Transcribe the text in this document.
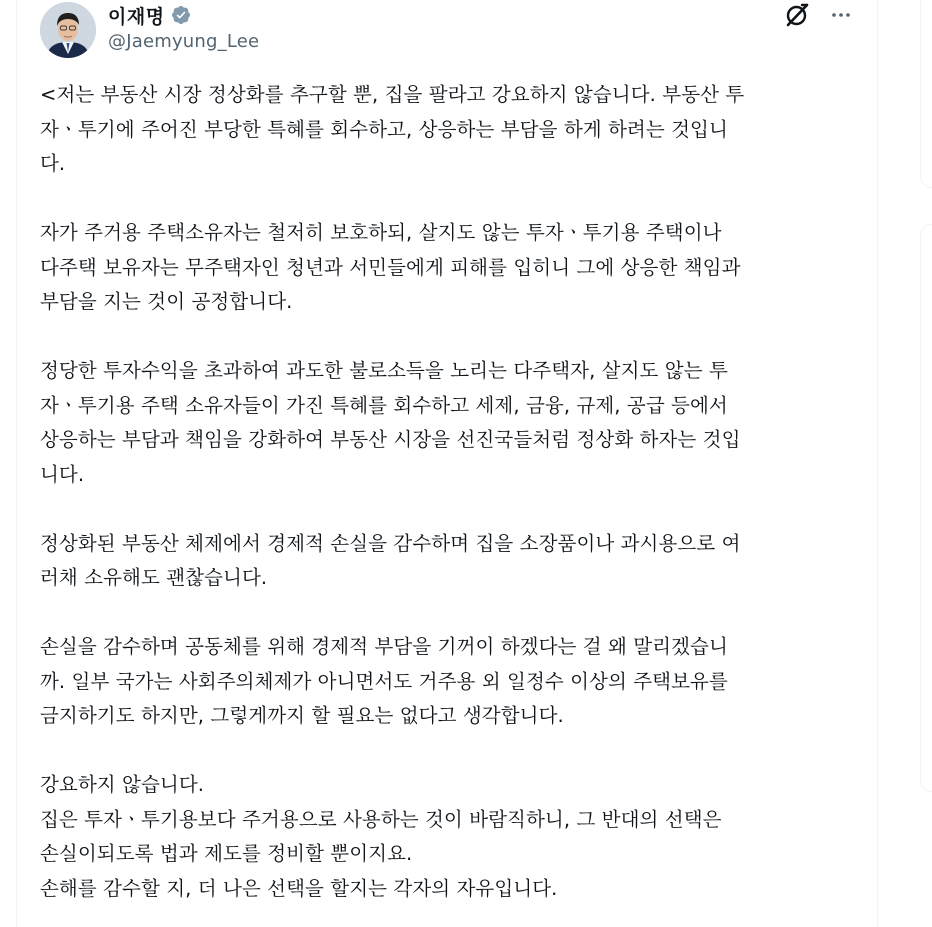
이재명
@Jaemyung_Lee

<저는 부동산 시장 정상화를 추구할 뿐, 집을 팔라고 강요하지 않습니다. 부동산 투
자ㆍ투기에 주어진 부당한 특혜를 회수하고, 상응하는 부담을 하게 하려는 것입니
다.

자가 주거용 주택소유자는 철저히 보호하되, 살지도 않는 투자ㆍ투기용 주택이나
다주택 보유자는 무주택자인 청년과 서민들에게 피해를 입히니 그에 상응한 책임과
부담을 지는 것이 공정합니다.

정당한 투자수익을 초과하여 과도한 불로소득을 노리는 다주택자, 살지도 않는 투
자ㆍ투기용 주택 소유자들이 가진 특혜를 회수하고 세제, 금융, 규제, 공급 등에서
상응하는 부담과 책임을 강화하여 부동산 시장을 선진국들처럼 정상화 하자는 것입
니다.

정상화된 부동산 체제에서 경제적 손실을 감수하며 집을 소장품이나 과시용으로 여
러채 소유해도 괜찮습니다.

손실을 감수하며 공동체를 위해 경제적 부담을 기꺼이 하겠다는 걸 왜 말리겠습니
까. 일부 국가는 사회주의체제가 아니면서도 거주용 외 일정수 이상의 주택보유를
금지하기도 하지만, 그렇게까지 할 필요는 없다고 생각합니다.

강요하지 않습니다.
집은 투자ㆍ투기용보다 주거용으로 사용하는 것이 바람직하니, 그 반대의 선택은
손실이되도록 법과 제도를 정비할 뿐이지요.
손해를 감수할 지, 더 나은 선택을 할지는 각자의 자유입니다.
